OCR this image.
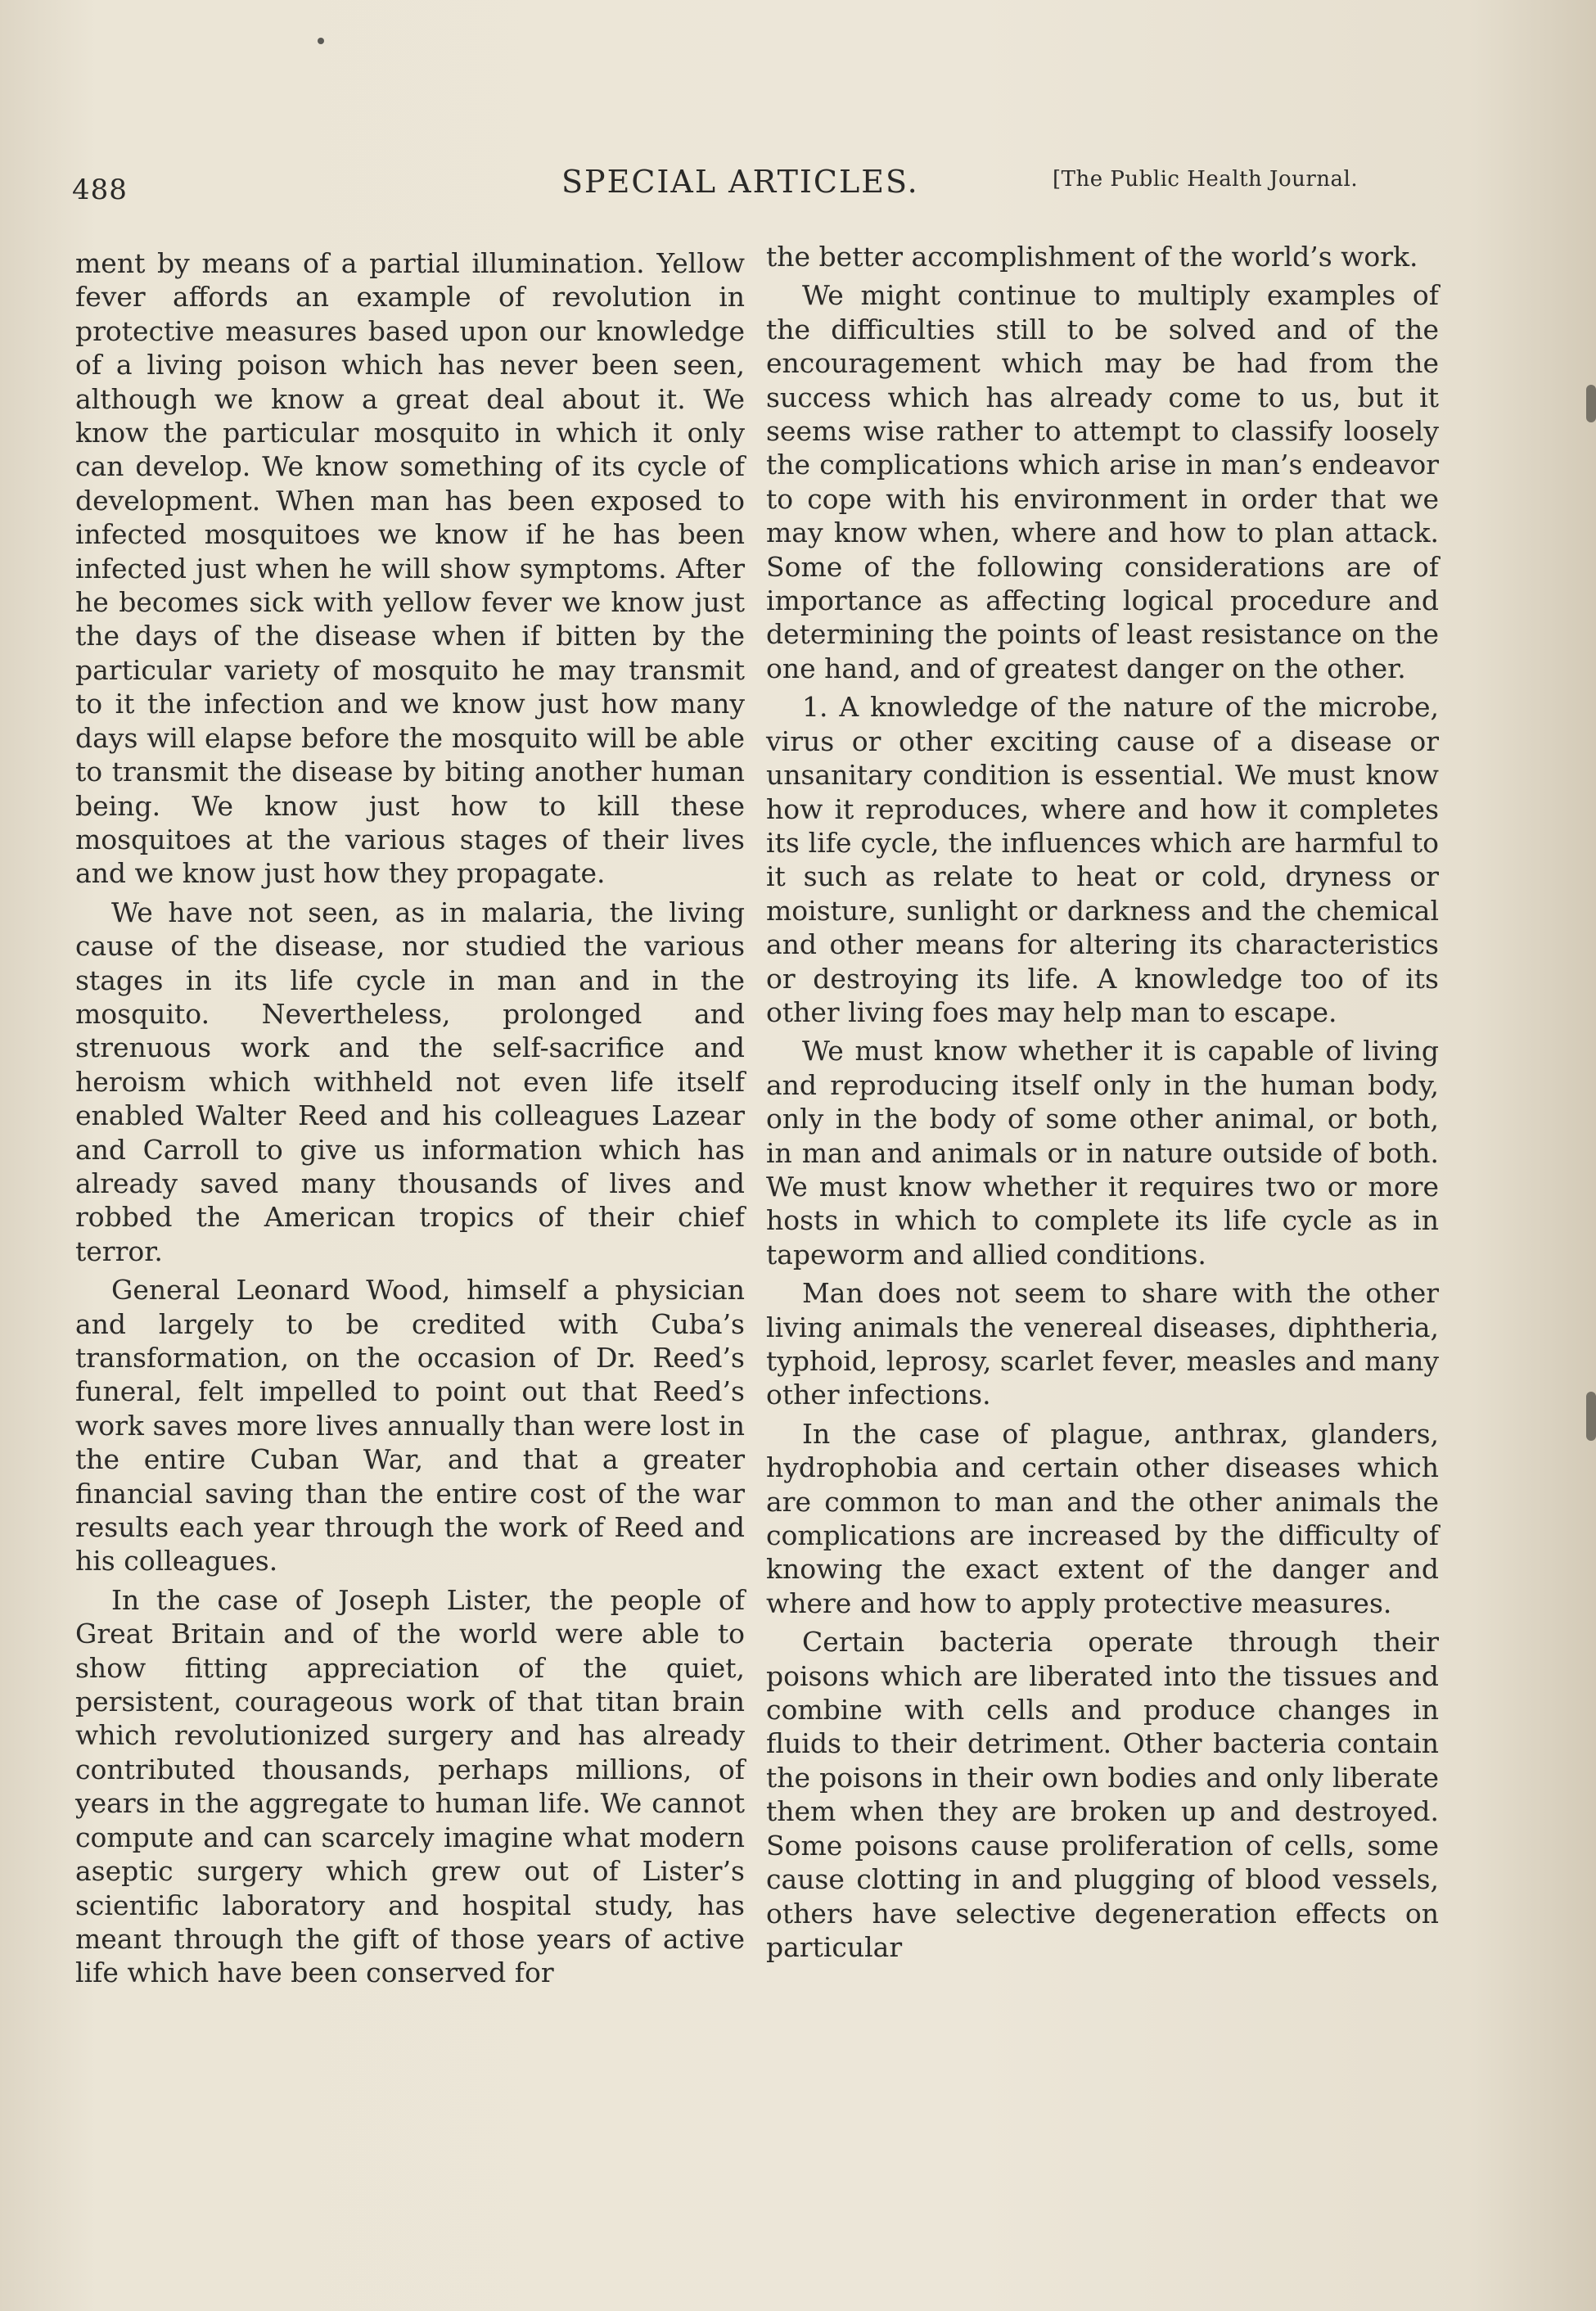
488	SPECIAL ARTICLES.	[The Public Health Journal.

ment by means of a partial illumination. Yellow fever affords an example of revolution in protective measures based upon our knowledge of a living poison which has never been seen, although we know a great deal about it. We know the particular mosquito in which it only can develop. We know something of its cycle of development. When man has been exposed to infected mosquitoes we know if he has been infected just when he will show symptoms. After he becomes sick with yellow fever we know just the days of the disease when if bitten by the particular variety of mosquito he may transmit to it the infection and we know just how many days will elapse before the mosquito will be able to transmit the disease by biting another human being. We know just how to kill these mosquitoes at the various stages of their lives and we know just how they propagate.

We have not seen, as in malaria, the living cause of the disease, nor studied the various stages in its life cycle in man and in the mosquito. Nevertheless, prolonged and strenuous work and the self-sacrifice and heroism which withheld not even life itself enabled Walter Reed and his colleagues Lazear and Carroll to give us information which has already saved many thousands of lives and robbed the American tropics of their chief terror.

General Leonard Wood, himself a physician and largely to be credited with Cuba’s transformation, on the occasion of Dr. Reed’s funeral, felt impelled to point out that Reed’s work saves more lives annually than were lost in the entire Cuban War, and that a greater financial saving than the entire cost of the war results each year through the work of Reed and his colleagues.

In the case of Joseph Lister, the people of Great Britain and of the world were able to show fitting appreciation of the quiet, persistent, courageous work of that titan brain which revolutionized surgery and has already contributed thousands, perhaps millions, of years in the aggregate to human life. We cannot compute and can scarcely imagine what modern aseptic surgery which grew out of Lister’s scientific laboratory and hospital study, has meant through the gift of those years of active life which have been conserved for

the better accomplishment of the world’s work.

We might continue to multiply examples of the difficulties still to be solved and of the encouragement which may be had from the success which has already come to us, but it seems wise rather to attempt to classify loosely the complications which arise in man’s endeavor to cope with his environment in order that we may know when, where and how to plan attack. Some of the following considerations are of importance as affecting logical procedure and determining the points of least resistance on the one hand, and of greatest danger on the other.

1. A knowledge of the nature of the microbe, virus or other exciting cause of a disease or unsanitary condition is essential. We must know how it reproduces, where and how it completes its life cycle, the influences which are harmful to it such as relate to heat or cold, dryness or moisture, sunlight or darkness and the chemical and other means for altering its characteristics or destroying its life. A knowledge too of its other living foes may help man to escape.

We must know whether it is capable of living and reproducing itself only in the human body, only in the body of some other animal, or both, in man and animals or in nature outside of both. We must know whether it requires two or more hosts in which to complete its life cycle as in tapeworm and allied conditions.

Man does not seem to share with the other living animals the venereal diseases, diphtheria, typhoid, leprosy, scarlet fever, measles and many other infections.

In the case of plague, anthrax, glanders, hydrophobia and certain other diseases which are common to man and the other animals the complications are increased by the difficulty of knowing the exact extent of the danger and where and how to apply protective measures.

Certain bacteria operate through their poisons which are liberated into the tissues and combine with cells and produce changes in fluids to their detriment. Other bacteria contain the poisons in their own bodies and only liberate them when they are broken up and destroyed. Some poisons cause proliferation of cells, some cause clotting in and plugging of blood vessels, others have selective degeneration effects on particular
